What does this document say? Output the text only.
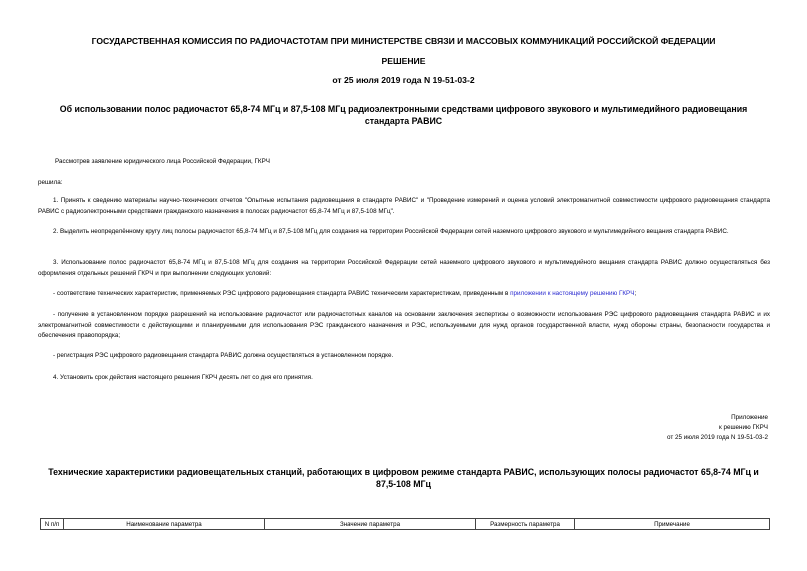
ГОСУДАРСТВЕННАЯ КОМИССИЯ ПО РАДИОЧАСТОТАМ ПРИ МИНИСТЕРСТВЕ СВЯЗИ И МАССОВЫХ КОММУНИКАЦИЙ РОССИЙСКОЙ ФЕДЕРАЦИИ
РЕШЕНИЕ
от 25 июля 2019 года N 19-51-03-2
Об использовании полос радиочастот 65,8-74 МГц и 87,5-108 МГц радиоэлектронными средствами цифрового звукового и мультимедийного радиовещания
стандарта РАВИС
Рассмотрев заявление юридического лица Российской Федерации, ГКРЧ
решила:
1. Принять к сведению материалы научно-технических отчетов "Опытные испытания радиовещания в стандарте РАВИС" и "Проведение измерений и оценка условий электромагнитной совместимости цифрового радиовещания стандарта РАВИС с радиоэлектронными средствами гражданского назначения в полосах радиочастот 65,8-74 МГц и 87,5-108 МГц".
2. Выделить неопределённому кругу лиц полосы радиочастот 65,8-74 МГц и 87,5-108 МГц для создания на территории Российской Федерации сетей наземного цифрового звукового и мультимедийного вещания стандарта РАВИС.
3. Использование полос радиочастот 65,8-74 МГц и 87,5-108 МГц для создания на территории Российской Федерации сетей наземного цифрового звукового и мультимедийного вещания стандарта РАВИС должно осуществляться без оформления отдельных решений ГКРЧ и при выполнении следующих условий:
- соответствие технических характеристик, применяемых РЭС цифрового радиовещания стандарта РАВИС техническим характеристикам, приведенным в приложении к настоящему решению ГКРЧ;
- получение в установленном порядке разрешений на использование радиочастот или радиочастотных каналов на основании заключения экспертизы о возможности использования РЭС цифрового радиовещания стандарта РАВИС и их электромагнитной совместимости с действующими и планируемыми для использования РЭС гражданского назначения и РЭС, используемыми для нужд органов государственной власти, нужд обороны страны, безопасности государства и обеспечения правопорядка;
- регистрация РЭС цифрового радиовещания стандарта РАВИС должна осуществляться в установленном порядке.
4. Установить срок действия настоящего решения ГКРЧ десять лет со дня его принятия.
Приложение
к решению ГКРЧ
от 25 июля 2019 года N 19-51-03-2
Технические характеристики радиовещательных станций, работающих в цифровом режиме стандарта РАВИС, использующих полосы радиочастот 65,8-74 МГц и
87,5-108 МГц
N п/п	Наименование параметра	Значение параметра	Размерность параметра	Примечание
